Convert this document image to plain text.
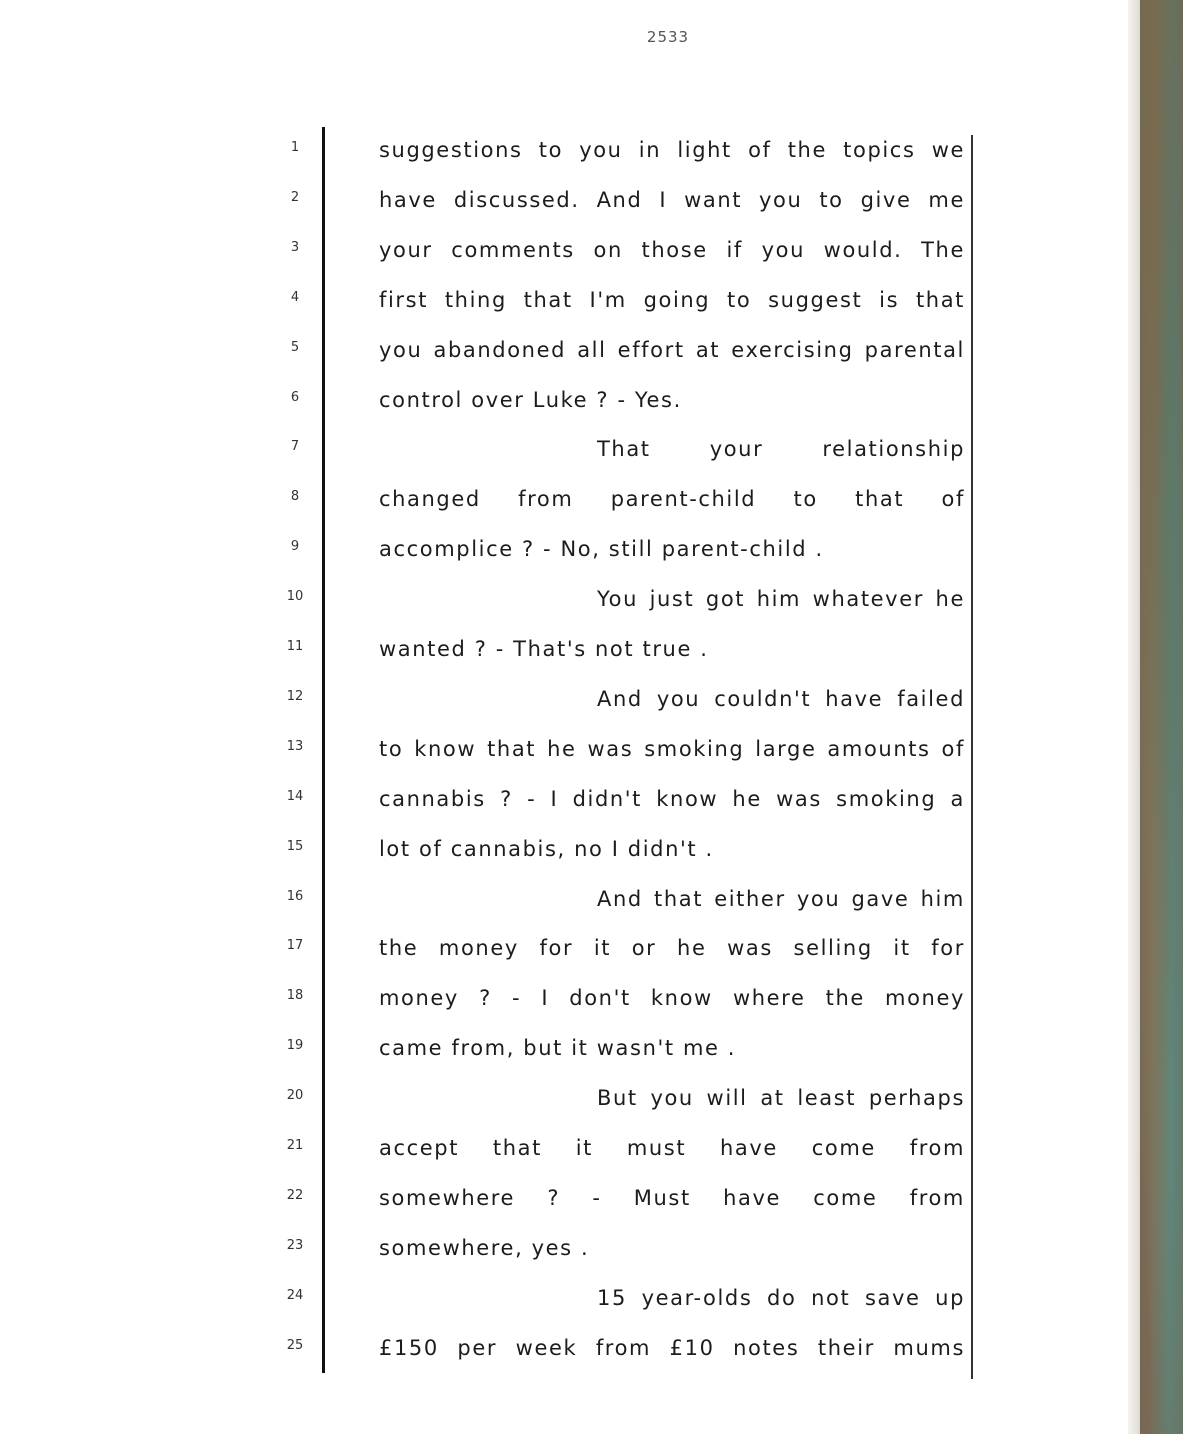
2533
1	suggestions to you in light of the topics we
2	have discussed. And I want you to give me
3	your comments on those if you would. The
4	first thing that I'm going to suggest is that
5	you abandoned all effort at exercising parental
6	control over Luke ? - Yes.
7	That your relationship
8	changed from parent-child to that of
9	accomplice ? - No, still parent-child .
10	You just got him whatever he
11	wanted ? - That's not true .
12	And you couldn't have failed
13	to know that he was smoking large amounts of
14	cannabis ? - I didn't know he was smoking a
15	lot of cannabis, no I didn't .
16	And that either you gave him
17	the money for it or he was selling it for
18	money ? - I don't know where the money
19	came from, but it wasn't me .
20	But you will at least perhaps
21	accept that it must have come from
22	somewhere ? - Must have come from
23	somewhere, yes .
24	15 year-olds do not save up
25	£150 per week from £10 notes their mums
